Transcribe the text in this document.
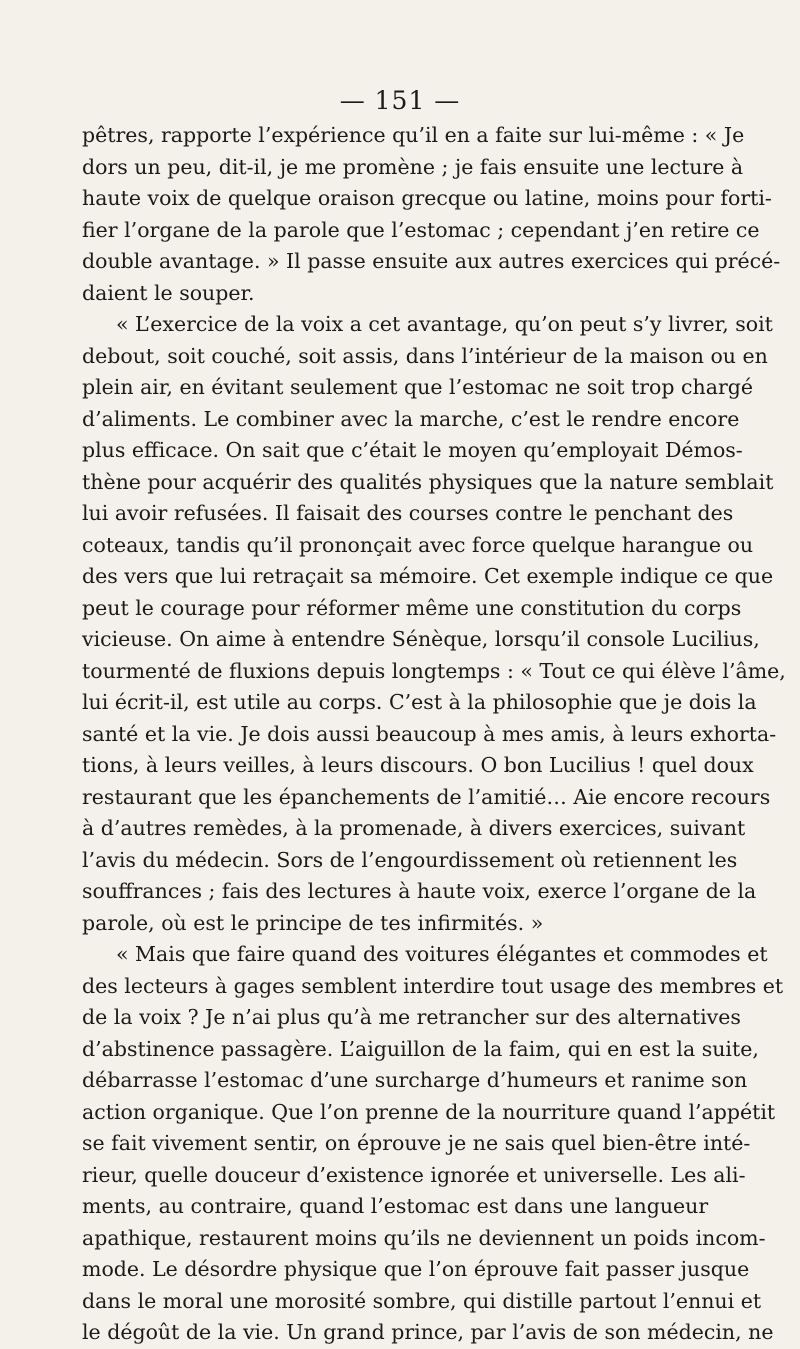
— 151 —
pêtres, rapporte l’expérience qu’il en a faite sur lui-même : « Je
dors un peu, dit-il, je me promène ; je fais ensuite une lecture à
haute voix de quelque oraison grecque ou latine, moins pour forti-
fier l’organe de la parole que l’estomac ; cependant j’en retire ce
double avantage. » Il passe ensuite aux autres exercices qui précé-
daient le souper.
« L’exercice de la voix a cet avantage, qu’on peut s’y livrer, soit
debout, soit couché, soit assis, dans l’intérieur de la maison ou en
plein air, en évitant seulement que l’estomac ne soit trop chargé
d’aliments. Le combiner avec la marche, c’est le rendre encore
plus efficace. On sait que c’était le moyen qu’employait Démos-
thène pour acquérir des qualités physiques que la nature semblait
lui avoir refusées. Il faisait des courses contre le penchant des
coteaux, tandis qu’il prononçait avec force quelque harangue ou
des vers que lui retraçait sa mémoire. Cet exemple indique ce que
peut le courage pour réformer même une constitution du corps
vicieuse. On aime à entendre Sénèque, lorsqu’il console Lucilius,
tourmenté de fluxions depuis longtemps : « Tout ce qui élève l’âme,
lui écrit-il, est utile au corps. C’est à la philosophie que je dois la
santé et la vie. Je dois aussi beaucoup à mes amis, à leurs exhorta-
tions, à leurs veilles, à leurs discours. O bon Lucilius ! quel doux
restaurant que les épanchements de l’amitié… Aie encore recours
à d’autres remèdes, à la promenade, à divers exercices, suivant
l’avis du médecin. Sors de l’engourdissement où retiennent les
souffrances ; fais des lectures à haute voix, exerce l’organe de la
parole, où est le principe de tes infirmités. »
« Mais que faire quand des voitures élégantes et commodes et
des lecteurs à gages semblent interdire tout usage des membres et
de la voix ? Je n’ai plus qu’à me retrancher sur des alternatives
d’abstinence passagère. L’aiguillon de la faim, qui en est la suite,
débarrasse l’estomac d’une surcharge d’humeurs et ranime son
action organique. Que l’on prenne de la nourriture quand l’appétit
se fait vivement sentir, on éprouve je ne sais quel bien-être inté-
rieur, quelle douceur d’existence ignorée et universelle. Les ali-
ments, au contraire, quand l’estomac est dans une langueur
apathique, restaurent moins qu’ils ne deviennent un poids incom-
mode. Le désordre physique que l’on éprouve fait passer jusque
dans le moral une morosité sombre, qui distille partout l’ennui et
le dégoût de la vie. Un grand prince, par l’avis de son médecin, ne
